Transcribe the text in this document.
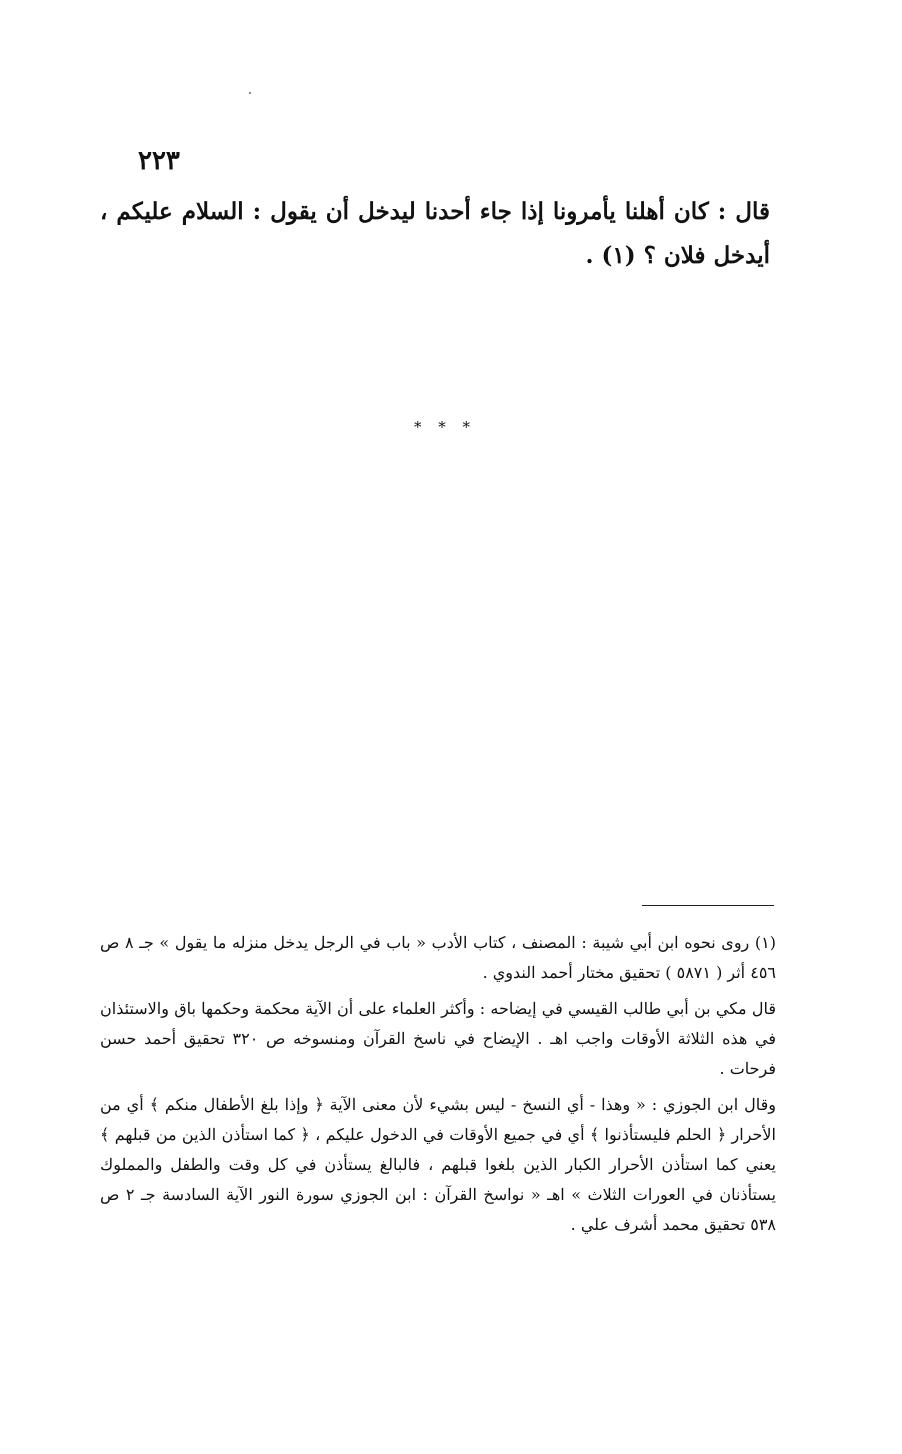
٢٢٣
قال : كان أهلنا يأمرونا إذا جاء أحدنا ليدخل أن يقول : السلام عليكم ، أيدخل فلان ؟ (١) .
* * *

(١) روى نحوه ابن أبي شيبة : المصنف ، كتاب الأدب « باب في الرجل يدخل منزله ما يقول » جـ ٨ ص ٤٥٦ أثر ( ٥٨٧١ ) تحقيق مختار أحمد الندوي .

قال مكي بن أبي طالب القيسي في إيضاحه : وأكثر العلماء على أن الآية محكمة وحكمها باق والاستئذان في هذه الثلاثة الأوقات واجب اهـ . الإيضاح في ناسخ القرآن ومنسوخه ص ٣٢٠ تحقيق أحمد حسن فرحات .

وقال ابن الجوزي : « وهذا - أي النسخ - ليس بشيء لأن معنى الآية ﴿ وإذا بلغ الأطفال منكم ﴾ أي من الأحرار ﴿ الحلم فليستأذنوا ﴾ أي في جميع الأوقات في الدخول عليكم ، ﴿ كما استأذن الذين من قبلهم ﴾ يعني كما استأذن الأحرار الكبار الذين بلغوا قبلهم ، فالبالغ يستأذن في كل وقت والطفل والمملوك يستأذنان في العورات الثلاث » اهـ « نواسخ القرآن : ابن الجوزي سورة النور الآية السادسة جـ ٢ ص ٥٣٨ تحقيق محمد أشرف علي .
